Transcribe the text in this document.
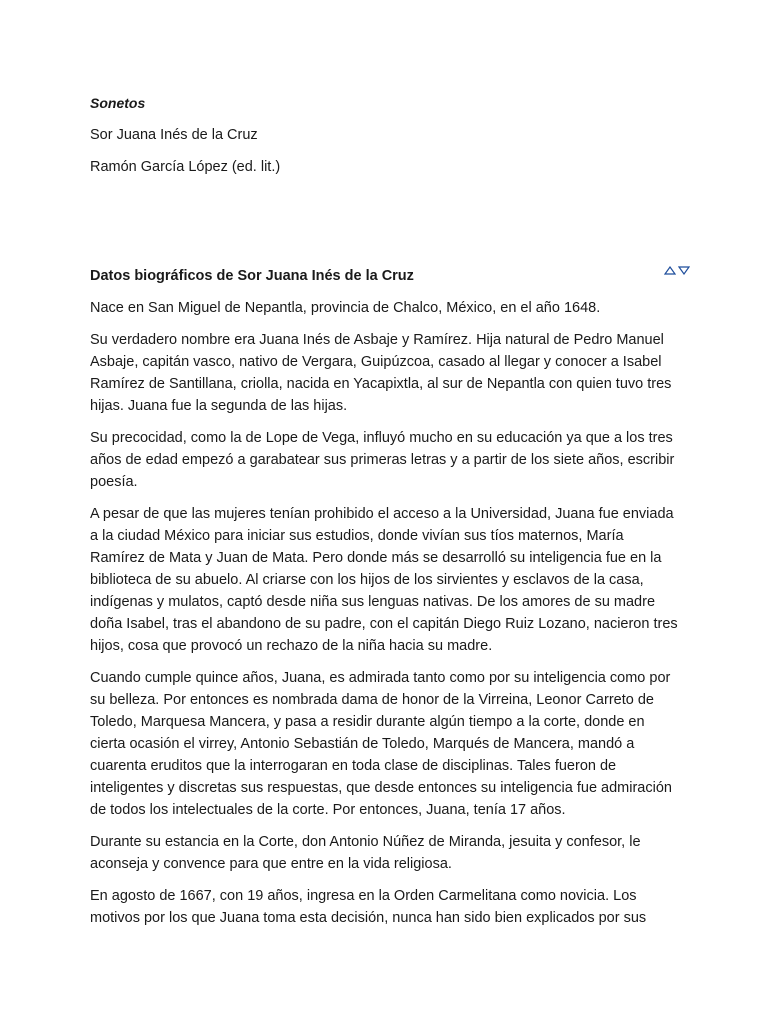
Sonetos

Sor Juana Inés de la Cruz

Ramón García López (ed. lit.)

Datos biográficos de Sor Juana Inés de la Cruz

Nace en San Miguel de Nepantla, provincia de Chalco, México, en el año 1648.

Su verdadero nombre era Juana Inés de Asbaje y Ramírez. Hija natural de Pedro Manuel Asbaje, capitán vasco, nativo de Vergara, Guipúzcoa, casado al llegar y conocer a Isabel Ramírez de Santillana, criolla, nacida en Yacapixtla, al sur de Nepantla con quien tuvo tres hijas. Juana fue la segunda de las hijas.

Su precocidad, como la de Lope de Vega, influyó mucho en su educación ya que a los tres años de edad empezó a garabatear sus primeras letras y a partir de los siete años, escribir poesía.

A pesar de que las mujeres tenían prohibido el acceso a la Universidad, Juana fue enviada a la ciudad México para iniciar sus estudios, donde vivían sus tíos maternos, María Ramírez de Mata y Juan de Mata. Pero donde más se desarrolló su inteligencia fue en la biblioteca de su abuelo. Al criarse con los hijos de los sirvientes y esclavos de la casa, indígenas y mulatos, captó desde niña sus lenguas nativas. De los amores de su madre doña Isabel, tras el abandono de su padre, con el capitán Diego Ruiz Lozano, nacieron tres hijos, cosa que provocó un rechazo de la niña hacia su madre.

Cuando cumple quince años, Juana, es admirada tanto como por su inteligencia como por su belleza. Por entonces es nombrada dama de honor de la Virreina, Leonor Carreto de Toledo, Marquesa Mancera, y pasa a residir durante algún tiempo a la corte, donde en cierta ocasión el virrey, Antonio Sebastián de Toledo, Marqués de Mancera, mandó a cuarenta eruditos que la interrogaran en toda clase de disciplinas. Tales fueron de inteligentes y discretas sus respuestas, que desde entonces su inteligencia fue admiración de todos los intelectuales de la corte. Por entonces, Juana, tenía 17 años.

Durante su estancia en la Corte, don Antonio Núñez de Miranda, jesuita y confesor, le aconseja y convence para que entre en la vida religiosa.

En agosto de 1667, con 19 años, ingresa en la Orden Carmelitana como novicia. Los motivos por los que Juana toma esta decisión, nunca han sido bien explicados por sus
